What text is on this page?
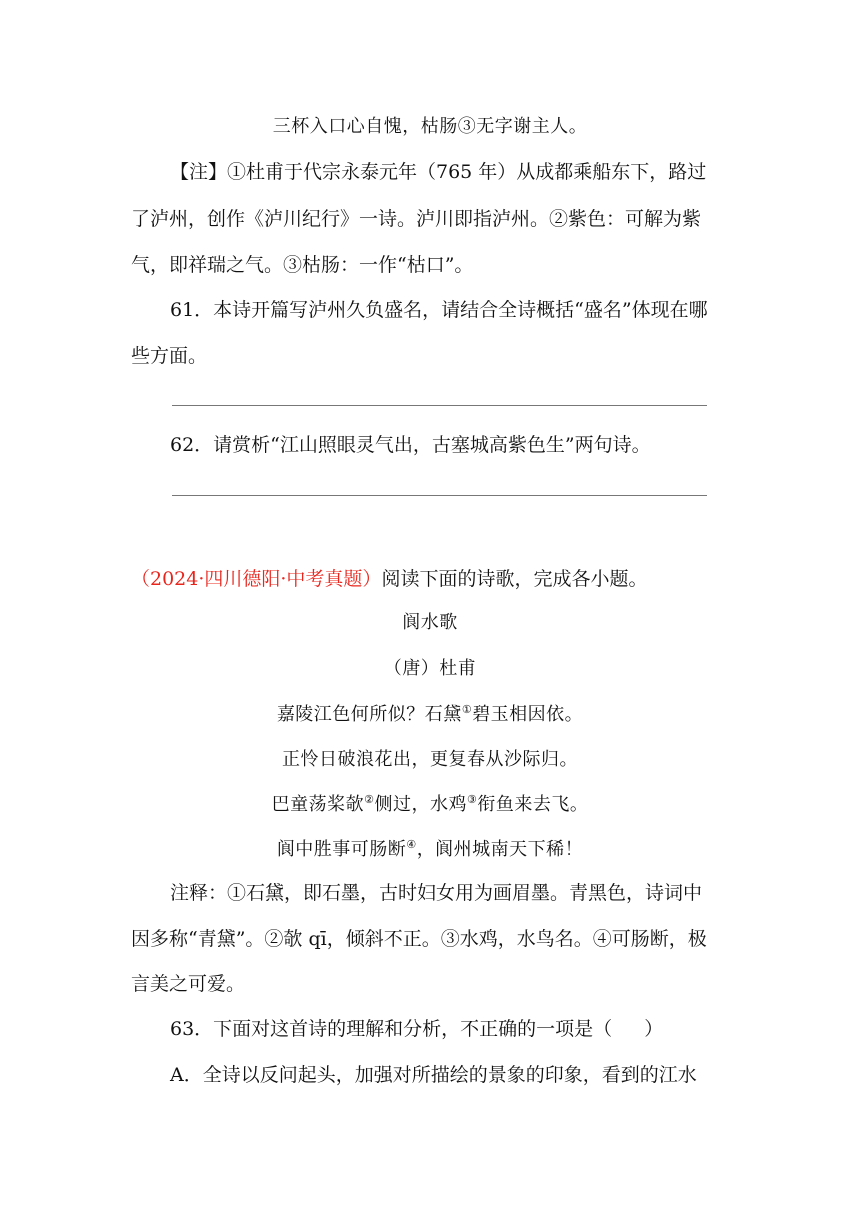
三杯入口心自愧，枯肠③无字谢主人。
【注】①杜甫于代宗永泰元年（765 年）从成都乘船东下，路过
了泸州，创作《泸川纪行》一诗。泸川即指泸州。②紫色：可解为紫
气，即祥瑞之气。③枯肠：一作“枯口”。
61．本诗开篇写泸州久负盛名，请结合全诗概括“盛名”体现在哪
些方面。
62．请赏析“江山照眼灵气出，古塞城高紫色生”两句诗。
（2024·四川德阳·中考真题）阅读下面的诗歌，完成各小题。
阆水歌
（唐）杜甫
嘉陵江色何所似？石黛①碧玉相因依。
正怜日破浪花出，更复春从沙际归。
巴童荡桨欹②侧过，水鸡③衔鱼来去飞。
阆中胜事可肠断④，阆州城南天下稀！
注释：①石黛，即石墨，古时妇女用为画眉墨。青黑色，诗词中
因多称“青黛”。②欹 qī，倾斜不正。③水鸡，水鸟名。④可肠断，极
言美之可爱。
63．下面对这首诗的理解和分析，不正确的一项是（ ）
A．全诗以反问起头，加强对所描绘的景象的印象，看到的江水
